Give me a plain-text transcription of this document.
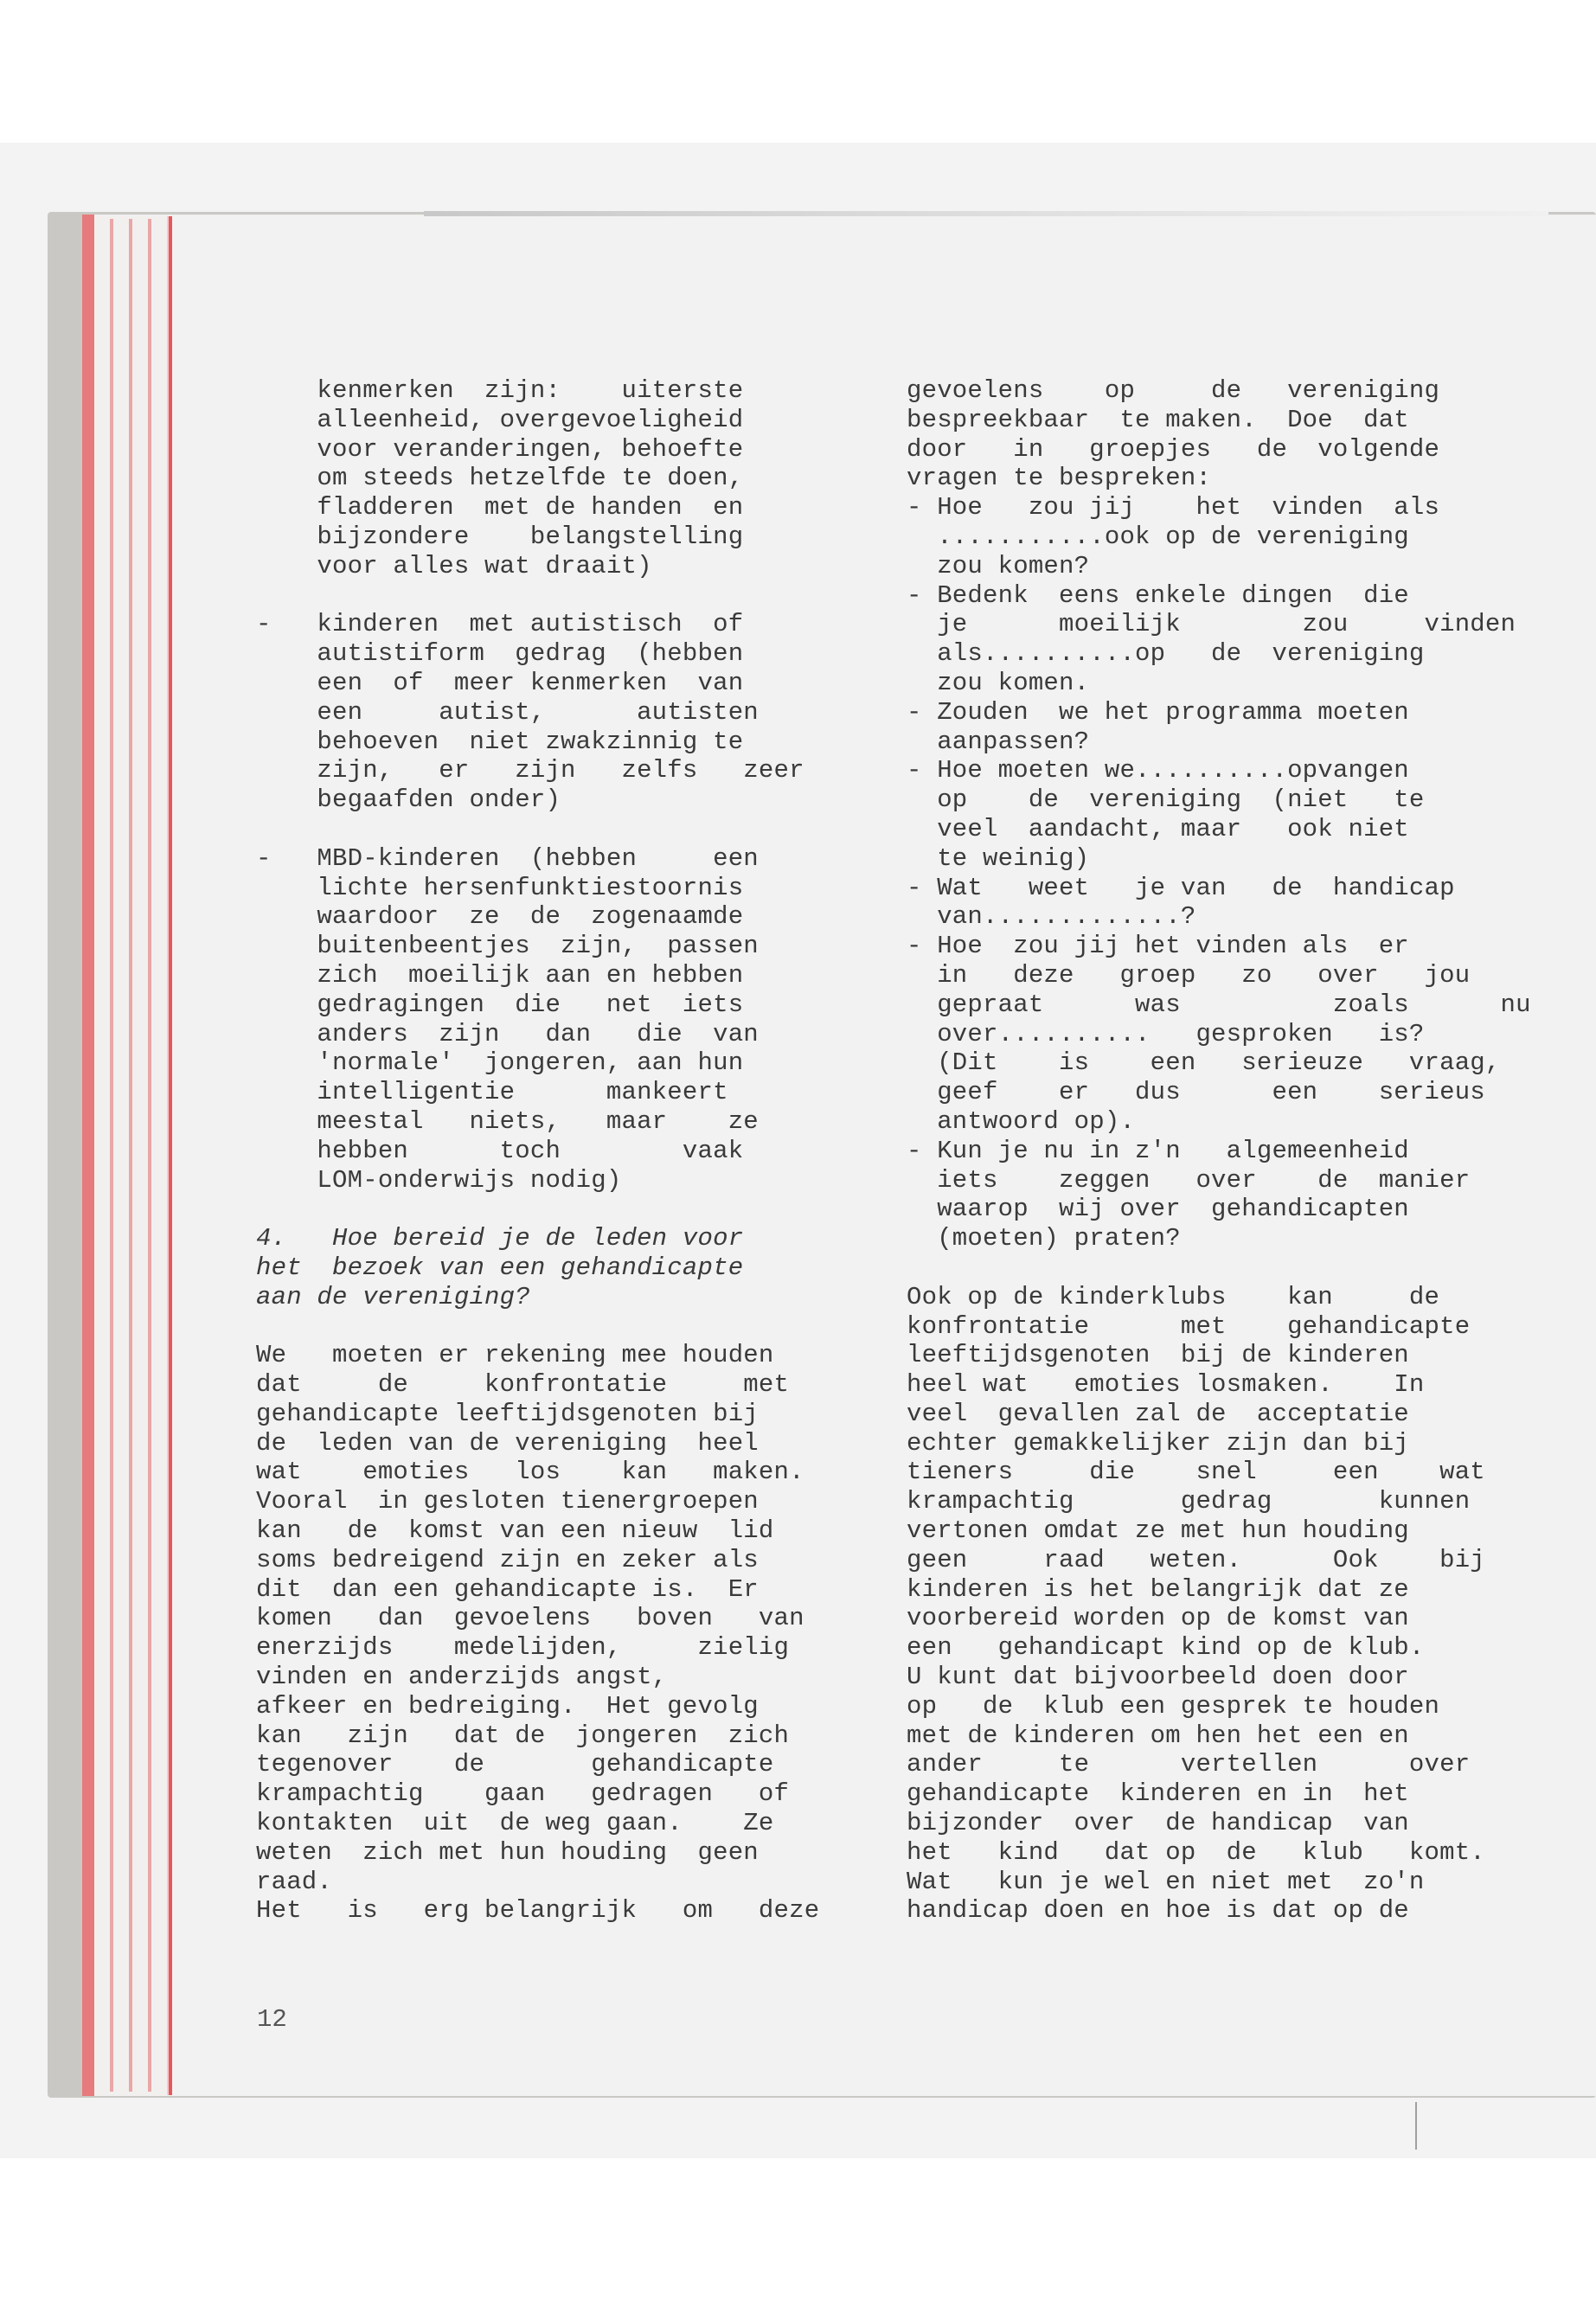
kenmerken  zijn:    uiterste
alleenheid, overgevoeligheid
voor veranderingen, behoefte
om steeds hetzelfde te doen,
fladderen  met de handen  en
bijzondere    belangstelling
voor alles wat draait)

-   kinderen  met autistisch  of
autistiform  gedrag  (hebben
een  of  meer kenmerken  van
een     autist,      autisten
behoeven  niet zwakzinnig te
zijn,   er   zijn   zelfs   zeer
begaafden onder)

-   MBD-kinderen  (hebben     een
lichte hersenfunktiestoornis
waardoor  ze  de  zogenaamde
buitenbeentjes  zijn,  passen
zich  moeilijk aan en hebben
gedragingen  die   net  iets
anders  zijn   dan   die  van
'normale'  jongeren, aan hun
intelligentie      mankeert
meestal   niets,   maar    ze
hebben      toch        vaak
LOM-onderwijs nodig)

4.   Hoe bereid je de leden voor
het  bezoek van een gehandicapte
aan de vereniging?

We   moeten er rekening mee houden
dat     de     konfrontatie     met
gehandicapte leeftijdsgenoten bij
de  leden van de vereniging  heel
wat    emoties   los    kan   maken.
Vooral  in gesloten tienergroepen
kan   de  komst van een nieuw  lid
soms bedreigend zijn en zeker als
dit  dan een gehandicapte is.  Er
komen   dan  gevoelens   boven   van
enerzijds    medelijden,     zielig
vinden en anderzijds angst,
afkeer en bedreiging.  Het gevolg
kan   zijn   dat de  jongeren  zich
tegenover    de       gehandicapte
krampachtig    gaan   gedragen   of
kontakten  uit  de weg gaan.    Ze
weten  zich met hun houding  geen
raad.
Het   is   erg belangrijk   om   deze
gevoelens    op     de   vereniging
bespreekbaar  te maken.  Doe  dat
door   in   groepjes   de  volgende
vragen te bespreken:
- Hoe   zou jij    het  vinden  als
...........ook op de vereniging
zou komen?
- Bedenk  eens enkele dingen  die
je      moeilijk        zou     vinden
als..........op   de  vereniging
zou komen.
- Zouden  we het programma moeten
aanpassen?
- Hoe moeten we..........opvangen
op    de  vereniging  (niet   te
veel  aandacht, maar   ook niet
te weinig)
- Wat   weet   je van   de  handicap
van.............?
- Hoe  zou jij het vinden als  er
in   deze   groep   zo   over   jou
gepraat      was          zoals      nu
over..........   gesproken   is?
(Dit    is    een   serieuze   vraag,
geef    er   dus      een    serieus
antwoord op).
- Kun je nu in z'n   algemeenheid
iets    zeggen   over    de  manier
waarop  wij over  gehandicapten
(moeten) praten?

Ook op de kinderklubs    kan     de
konfrontatie      met    gehandicapte
leeftijdsgenoten  bij de kinderen
heel wat   emoties losmaken.    In
veel  gevallen zal de  acceptatie
echter gemakkelijker zijn dan bij
tieners     die    snel     een    wat
krampachtig       gedrag       kunnen
vertonen omdat ze met hun houding
geen     raad   weten.      Ook    bij
kinderen is het belangrijk dat ze
voorbereid worden op de komst van
een   gehandicapt kind op de klub.
U kunt dat bijvoorbeeld doen door
op   de  klub een gesprek te houden
met de kinderen om hen het een en
ander     te      vertellen      over
gehandicapte  kinderen en in  het
bijzonder  over  de handicap  van
het   kind   dat op  de   klub   komt.
Wat   kun je wel en niet met  zo'n
handicap doen en hoe is dat op de
12
